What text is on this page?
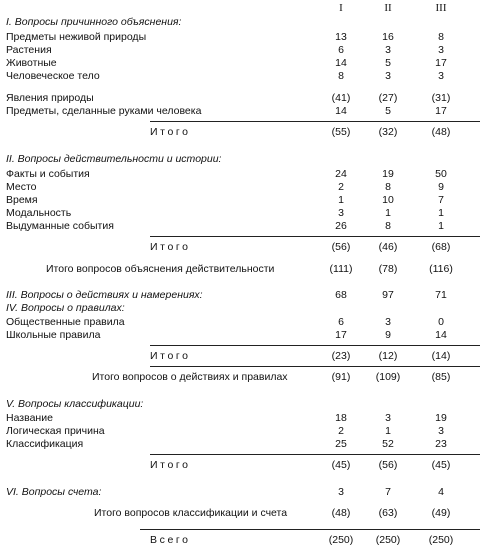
I	II	III
I. Вопросы причинного объяснения:
Предметы неживой природы	13	16	8
Растения	6	3	3
Животные	14	5	17
Человеческое тело	8	3	3
Явления природы	(41)	(27)	(31)
Предметы, сделанные руками человека	14	5	17
Итого	(55)	(32)	(48)
II. Вопросы действительности и истории:
Факты и события	24	19	50
Место	2	8	9
Время	1	10	7
Модальность	3	1	1
Выдуманные события	26	8	1
Итого	(56)	(46)	(68)
Итого вопросов объяснения действительности	(111)	(78)	(116)
III. Вопросы о действиях и намерениях:	68	97	71
IV. Вопросы о правилах:
Общественные правила	6	3	0
Школьные правила	17	9	14
Итого	(23)	(12)	(14)
Итого вопросов о действиях и правилах	(91)	(109)	(85)
V. Вопросы классификации:
Название	18	3	19
Логическая причина	2	1	3
Классификация	25	52	23
Итого	(45)	(56)	(45)
VI. Вопросы счета:	3	7	4
Итого вопросов классификации и счета	(48)	(63)	(49)
Всего	(250)	(250)	(250)
